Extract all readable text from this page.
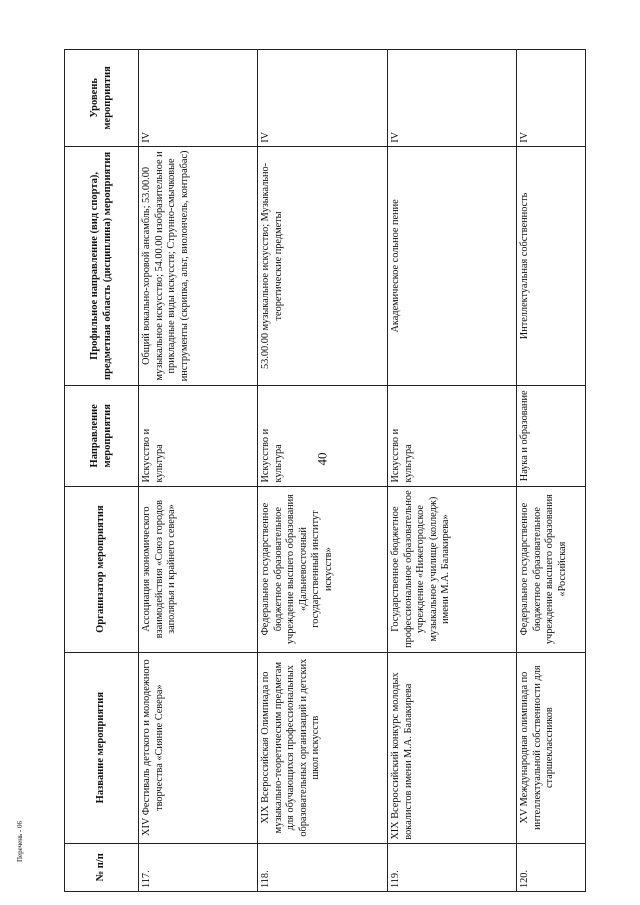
40
№ п/п	Название мероприятия	Организатор мероприятия	Направление мероприятия	Профильное направление (вид спорта), предметная область (дисциплина) мероприятия	Уровень мероприятия
117.	XIV Фестиваль детского и молодежного творчества «Сияние Севера»	Ассоциация экономического взаимодействия «Союз городов заполярья и крайнего севера»	Искусство и культура	Общий вокально-хоровой ансамбль; 53.00.00 музыкальное искусство; 54.00.00 изобразительное и прикладные виды искусств; Струнно-смычковые инструменты (скрипка, альт, виолончель, контрабас)	IV
118.	XIX Всероссийская Олимпиада по музыкально-теоретическим предметам для обучающихся профессиональных образовательных организаций и детских школ искусств	Федеральное государственное бюджетное образовательное учреждение высшего образования «Дальневосточный государственный институт искусств»	Искусство и культура	53.00.00 музыкальное искусство; Музыкально-теоретические предметы	IV
119.	XIX Всероссийский конкурс молодых вокалистов имени М.А. Балакирева	Государственное бюджетное профессиональное образовательное учреждение «Нижегородское музыкальное училище (колледж) имени М.А. Балакирева»	Искусство и культура	Академическое сольное пение	IV
120.	XV Международная олимпиада по интеллектуальной собственности для старшеклассников	Федеральное государственное бюджетное образовательное учреждение высшего образования «Российская	Наука и образование	Интеллектуальная собственность	IV
Перечень - 06
